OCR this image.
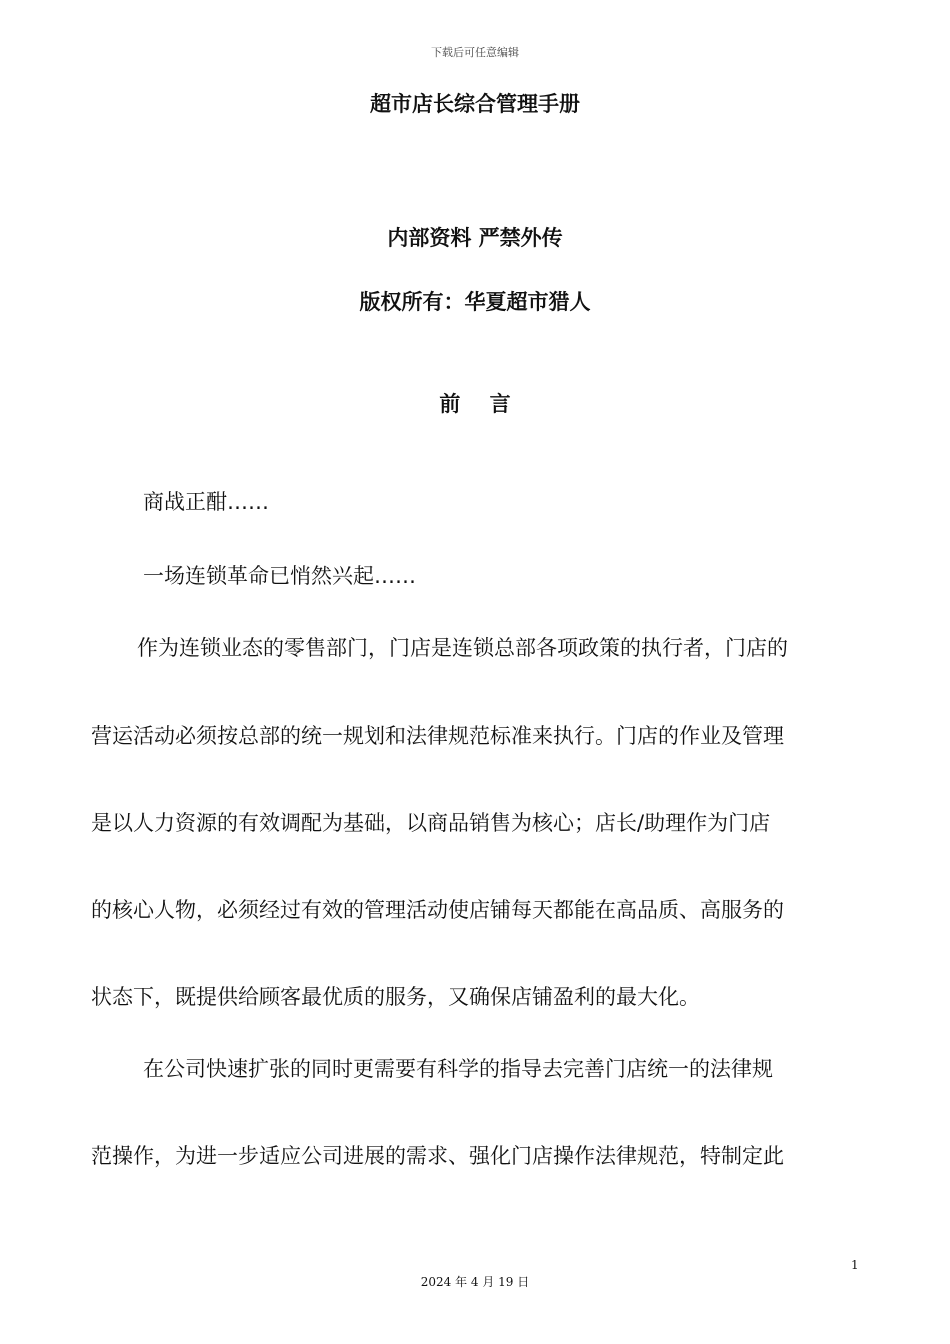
下载后可任意编辑
超市店长综合管理手册
内部资料 严禁外传
版权所有：华夏超市猎人
前    言
商战正酣……
一场连锁革命已悄然兴起……
作为连锁业态的零售部门，门店是连锁总部各项政策的执行者，门店的
营运活动必须按总部的统一规划和法律规范标准来执行。门店的作业及管理
是以人力资源的有效调配为基础，以商品销售为核心；店长/助理作为门店
的核心人物，必须经过有效的管理活动使店铺每天都能在高品质、高服务的
状态下，既提供给顾客最优质的服务，又确保店铺盈利的最大化。
在公司快速扩张的同时更需要有科学的指导去完善门店统一的法律规
范操作，为进一步适应公司进展的需求、强化门店操作法律规范，特制定此
1
2024 年 4 月 19 日
